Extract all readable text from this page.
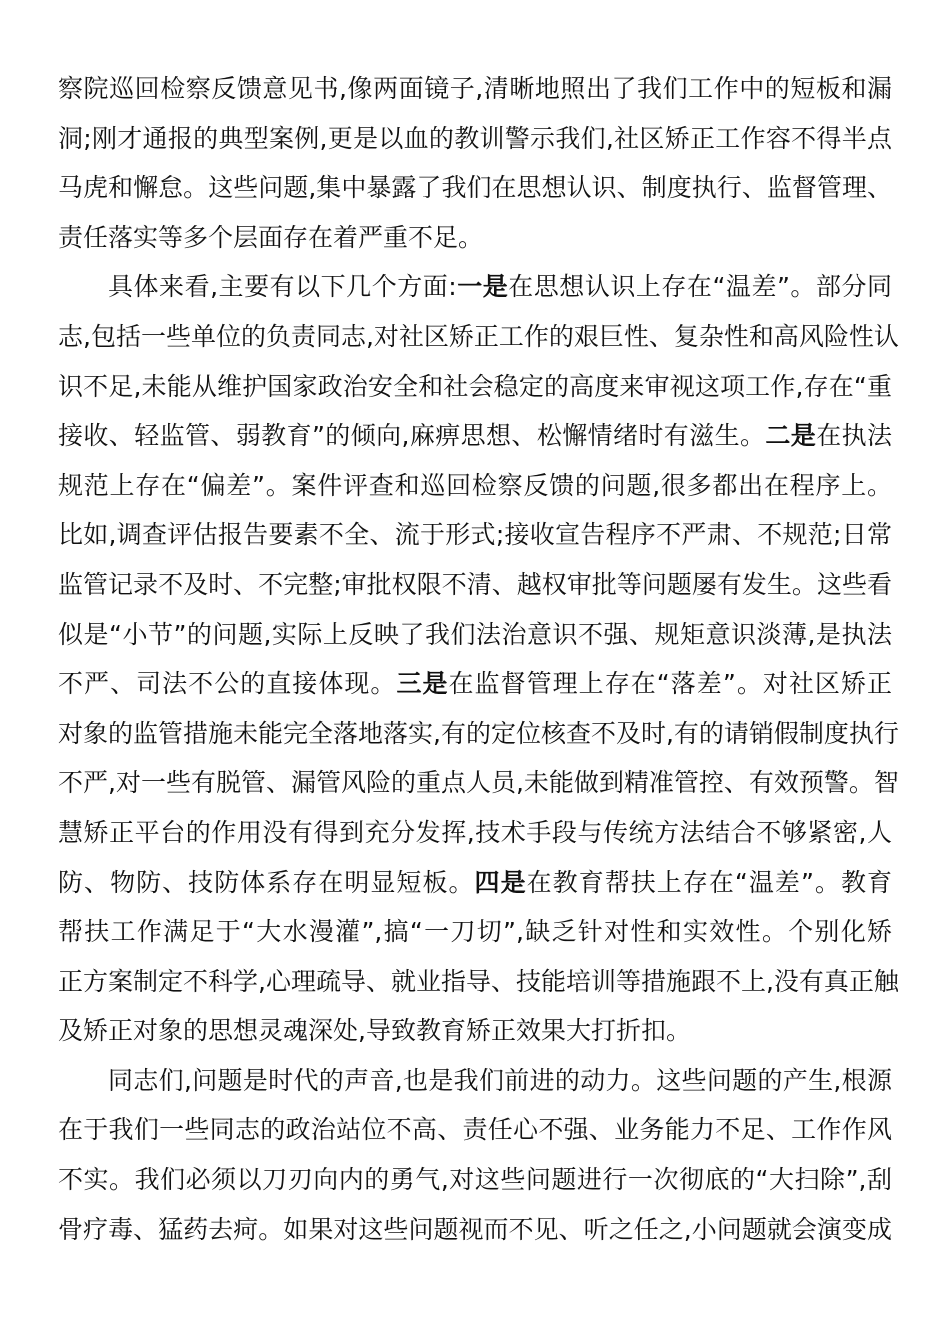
察院巡回检察反馈意见书,像两面镜子,清晰地照出了我们工作中的短板和漏
洞;刚才通报的典型案例,更是以血的教训警示我们,社区矫正工作容不得半点
马虎和懈怠。这些问题,集中暴露了我们在思想认识、制度执行、监督管理、
责任落实等多个层面存在着严重不足。
具体来看,主要有以下几个方面:一是在思想认识上存在“温差”。部分同
志,包括一些单位的负责同志,对社区矫正工作的艰巨性、复杂性和高风险性认
识不足,未能从维护国家政治安全和社会稳定的高度来审视这项工作,存在“重
接收、轻监管、弱教育”的倾向,麻痹思想、松懈情绪时有滋生。二是在执法
规范上存在“偏差”。案件评查和巡回检察反馈的问题,很多都出在程序上。
比如,调查评估报告要素不全、流于形式;接收宣告程序不严肃、不规范;日常
监管记录不及时、不完整;审批权限不清、越权审批等问题屡有发生。这些看
似是“小节”的问题,实际上反映了我们法治意识不强、规矩意识淡薄,是执法
不严、司法不公的直接体现。三是在监督管理上存在“落差”。对社区矫正
对象的监管措施未能完全落地落实,有的定位核查不及时,有的请销假制度执行
不严,对一些有脱管、漏管风险的重点人员,未能做到精准管控、有效预警。智
慧矫正平台的作用没有得到充分发挥,技术手段与传统方法结合不够紧密,人
防、物防、技防体系存在明显短板。四是在教育帮扶上存在“温差”。教育
帮扶工作满足于“大水漫灌”,搞“一刀切”,缺乏针对性和实效性。个别化矫
正方案制定不科学,心理疏导、就业指导、技能培训等措施跟不上,没有真正触
及矫正对象的思想灵魂深处,导致教育矫正效果大打折扣。
同志们,问题是时代的声音,也是我们前进的动力。这些问题的产生,根源
在于我们一些同志的政治站位不高、责任心不强、业务能力不足、工作作风
不实。我们必须以刀刃向内的勇气,对这些问题进行一次彻底的“大扫除”,刮
骨疗毒、猛药去疴。如果对这些问题视而不见、听之任之,小问题就会演变成
